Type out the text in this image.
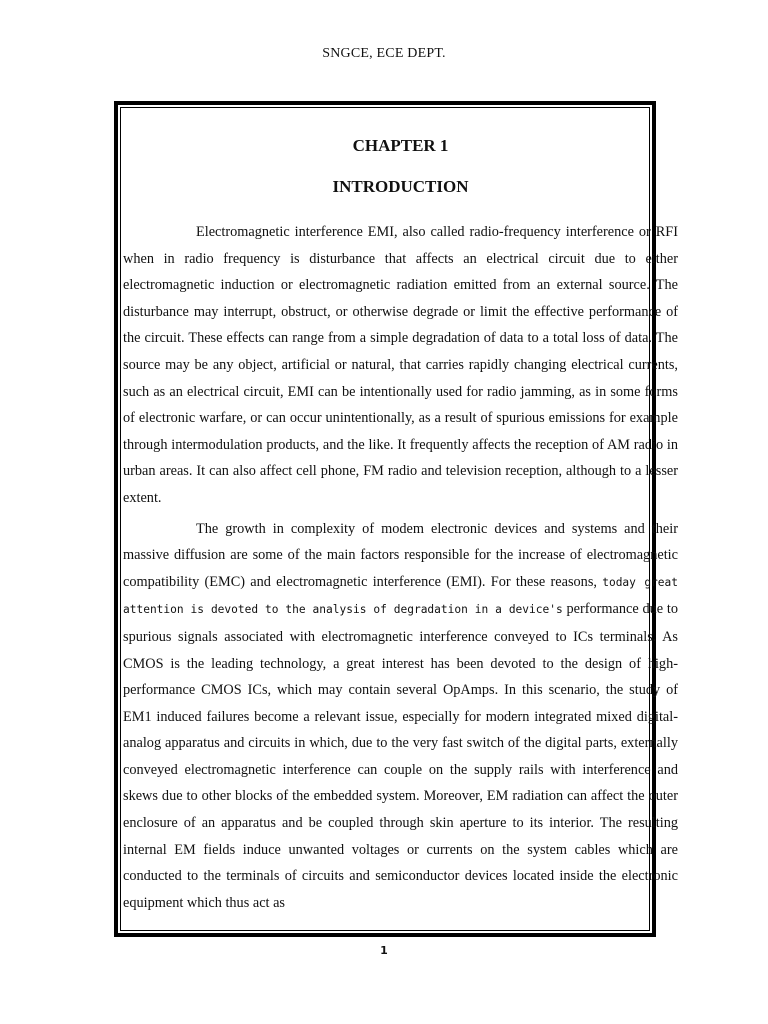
SNGCE, ECE DEPT.
CHAPTER 1
INTRODUCTION

Electromagnetic interference EMI, also called radio-frequency interference or RFI when in radio frequency is disturbance that affects an electrical circuit due to either electromagnetic induction or electromagnetic radiation emitted from an external source. The disturbance may interrupt, obstruct, or otherwise degrade or limit the effective performance of the circuit. These effects can range from a simple degradation of data to a total loss of data. The source may be any object, artificial or natural, that carries rapidly changing electrical currents, such as an electrical circuit, EMI can be intentionally used for radio jamming, as in some forms of electronic warfare, or can occur unintentionally, as a result of spurious emissions for example through intermodulation products, and the like. It frequently affects the reception of AM radio in urban areas. It can also affect cell phone, FM radio and television reception, although to a lesser extent.

The growth in complexity of modem electronic devices and systems and their massive diffusion are some of the main factors responsible for the increase of electromagnetic compatibility (EMC) and electromagnetic interference (EMI). For these reasons, today great attention is devoted to the analysis of degradation in a device's performance due to spurious signals associated with electromagnetic interference conveyed to ICs terminals. As CMOS is the leading technology, a great interest has been devoted to the design of high-performance CMOS ICs, which may contain several OpAmps. In this scenario, the study of EM1 induced failures become a relevant issue, especially for modern integrated mixed digital-analog apparatus and circuits in which, due to the very fast switch of the digital parts, externally conveyed electromagnetic interference can couple on the supply rails with interference and skews due to other blocks of the embedded system. Moreover, EM radiation can affect the outer enclosure of an apparatus and be coupled through skin aperture to its interior. The resulting internal EM fields induce unwanted voltages or currents on the system cables which are conducted to the terminals of circuits and semiconductor devices located inside the electronic equipment which thus act as

1
